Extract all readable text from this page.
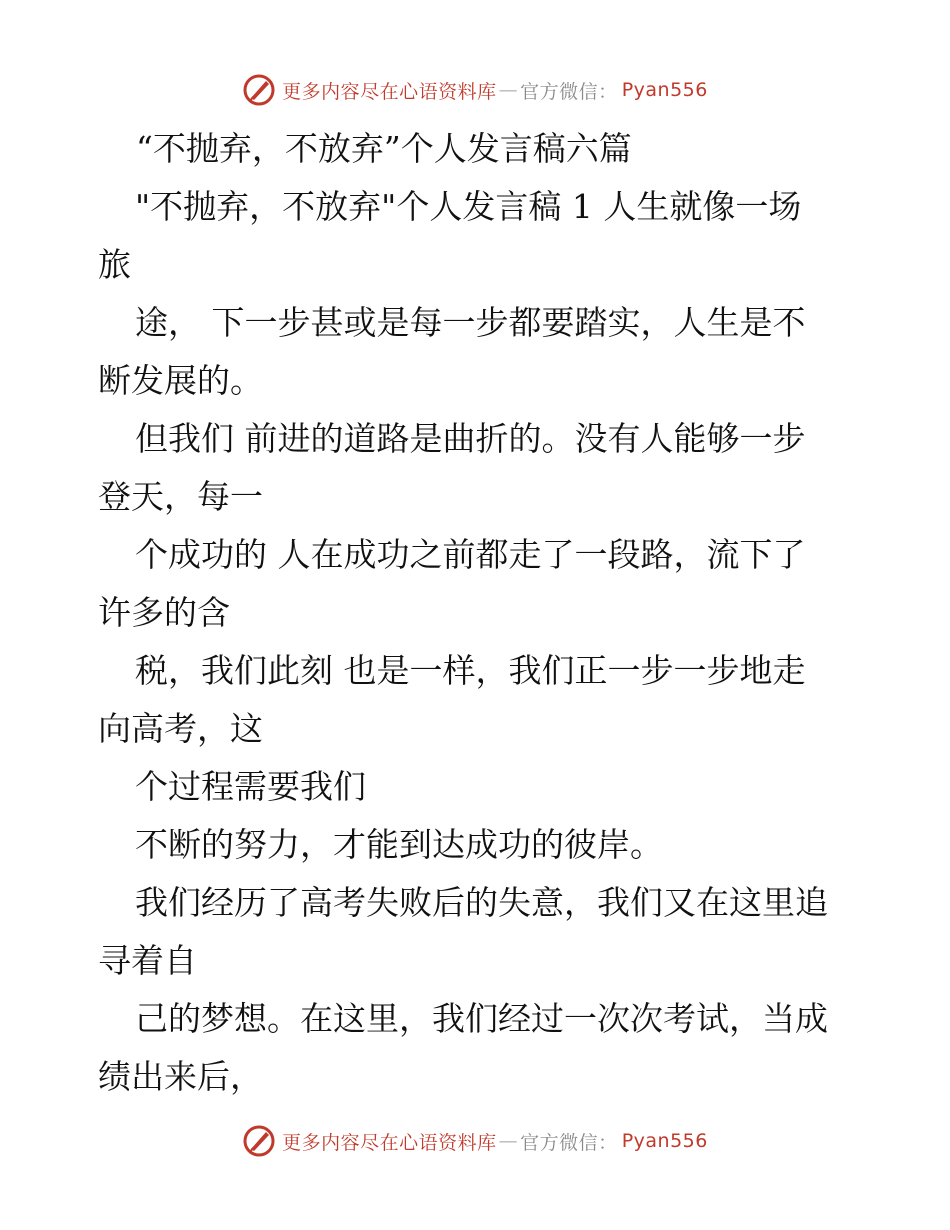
更多内容尽在心语资料库 — 官方微信： Pyan556
“不抛弃，不放弃”个人发言稿六篇
"不抛弃，不放弃"个人发言稿 1 人生就像一场
旅
途， 下一步甚或是每一步都要踏实，人生是不
断发展的。
但我们 前进的道路是曲折的。没有人能够一步
登天，每一
个成功的 人在成功之前都走了一段路，流下了
许多的含
税，我们此刻 也是一样，我们正一步一步地走
向高考，这
个过程需要我们
不断的努力，才能到达成功的彼岸。
我们经历了高考失败后的失意，我们又在这里追
寻着自
己的梦想。在这里，我们经过一次次考试，当成
绩出来后，
更多内容尽在心语资料库 — 官方微信： Pyan556
